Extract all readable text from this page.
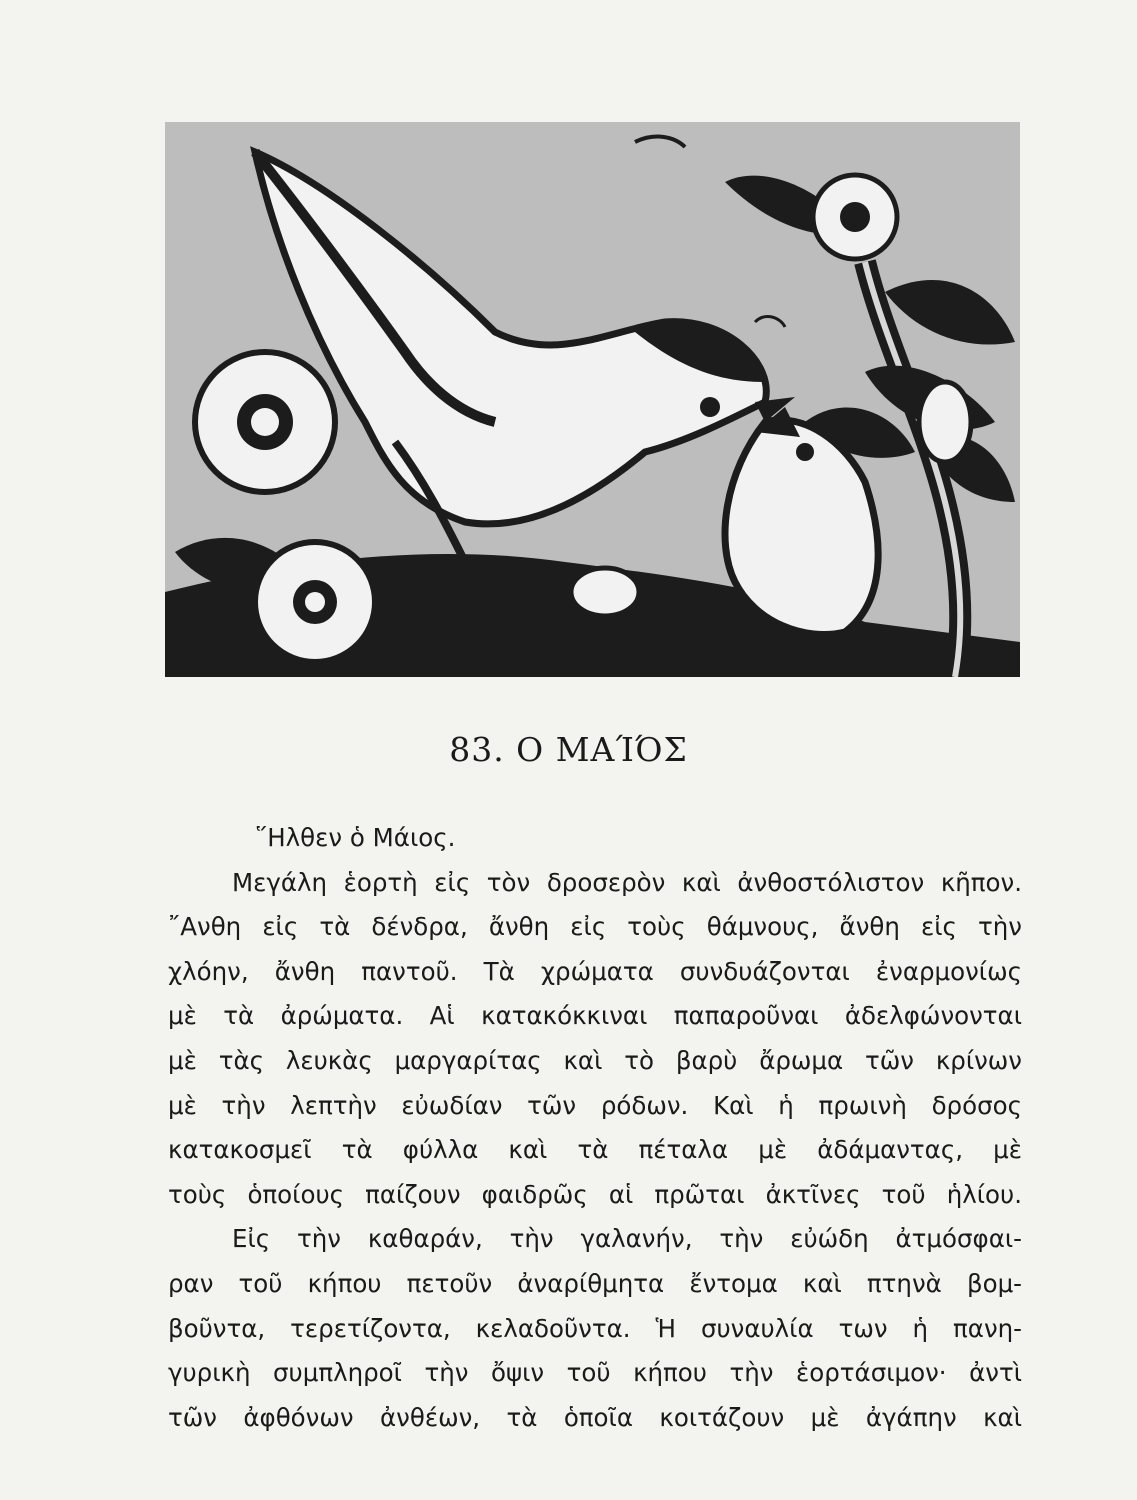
83. Ο ΜΑΊΌΣ
῞Ηλθεν ὁ Μάιος.
Μεγάλη ἑορτὴ εἰς τὸν δροσερὸν καὶ ἀνθοστόλιστον κῆπον.
῎Ανθη εἰς τὰ δένδρα, ἄνθη εἰς τοὺς θάμνους, ἄνθη εἰς τὴν
χλόην, ἄνθη παντοῦ. Τὰ χρώματα συνδυάζονται ἐναρμονίως
μὲ τὰ ἀρώματα. Αἱ κατακόκκιναι παπαροῦναι ἀδελφώνονται
μὲ τὰς λευκὰς μαργαρίτας καὶ τὸ βαρὺ ἄρωμα τῶν κρίνων
μὲ τὴν λεπτὴν εὐωδίαν τῶν ρόδων. Καὶ ἡ πρωινὴ δρόσος
κατακοσμεῖ τὰ φύλλα καὶ τὰ πέταλα μὲ ἀδάμαντας, μὲ
τοὺς ὁποίους παίζουν φαιδρῶς αἱ πρῶται ἀκτῖνες τοῦ ἡλίου.
Εἰς τὴν καθαράν, τὴν γαλανήν, τὴν εὐώδη ἀτμόσφαι-
ραν τοῦ κήπου πετοῦν ἀναρίθμητα ἔντομα καὶ πτηνὰ βομ-
βοῦντα, τερετίζοντα, κελαδοῦντα. Ἡ συναυλία των ἡ πανη-
γυρικὴ συμπληροῖ τὴν ὄψιν τοῦ κήπου τὴν ἑορτάσιμον· ἀντὶ
τῶν ἀφθόνων ἀνθέων, τὰ ὁποῖα κοιτάζουν μὲ ἀγάπην καὶ
